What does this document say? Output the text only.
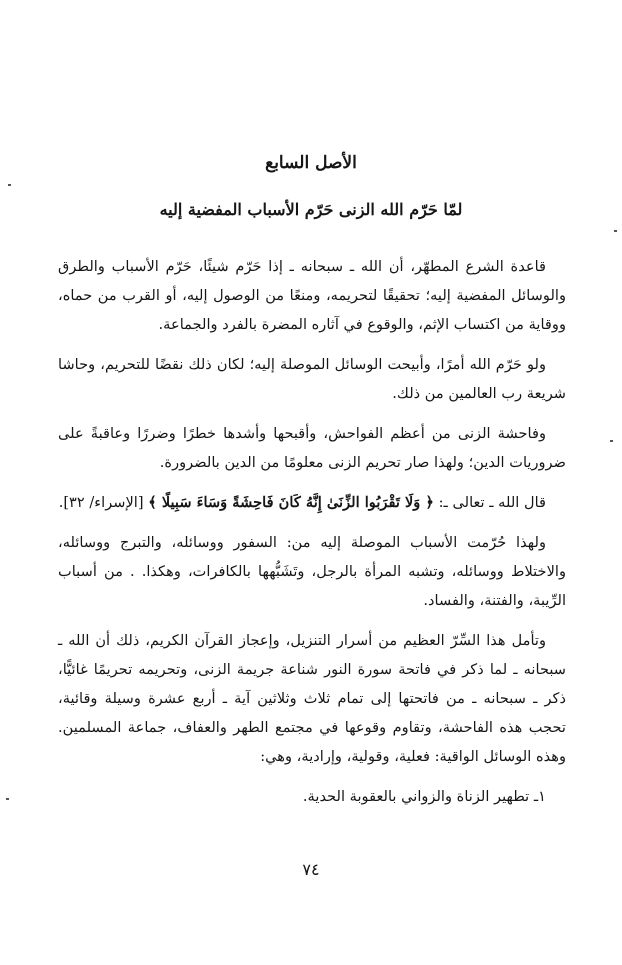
الأصل السابع
لمّا حَرّم الله الزنى حَرّم الأسباب المفضية إليه

قاعدة الشرع المطهّر، أن الله ـ سبحانه ـ إذا حَرّم شيئًا، حَرّم الأسباب والطرق والوسائل المفضية إليه؛ تحقيقًا لتحريمه، ومنعًا من الوصول إليه، أو القرب من حماه، ووقاية من اكتساب الإثم، والوقوع في آثاره المضرة بالفرد والجماعة.

ولو حَرّم الله أمرًا، وأبيحت الوسائل الموصلة إليه؛ لكان ذلك نقضًا للتحريم، وحاشا شريعة رب العالمين من ذلك.

وفاحشة الزنى من أعظم الفواحش، وأقبحها وأشدها خطرًا وضررًا وعاقبةً على ضروريات الدين؛ ولهذا صار تحريم الزنى معلومًا من الدين بالضرورة.

قال الله ـ تعالى ـ: ﴿ وَلَا تَقْرَبُوا الزِّنَىٰ إِنَّهُ كَانَ فَاحِشَةً وَسَاءَ سَبِيلًا ﴾ [الإسراء/ ٣٢].

ولهذا حُرّمت الأسباب الموصلة إليه من: السفور ووسائله، والتبرج ووسائله، والاختلاط ووسائله، وتشبه المرأة بالرجل، وتَشَبُّهها بالكافرات، وهكذا. . من أسباب الرِّيبة، والفتنة، والفساد.

وتأمل هذا السِّرّ العظيم من أسرار التنزيل، وإعجاز القرآن الكريم، ذلك أن الله ـ سبحانه ـ لما ذكر في فاتحة سورة النور شناعة جريمة الزنى، وتحريمه تحريمًا غائيًّا، ذكر ـ سبحانه ـ من فاتحتها إلى تمام ثلاث وثلاثين آية ـ أربع عشرة وسيلة وقائية، تحجب هذه الفاحشة، وتقاوم وقوعها في مجتمع الطهر والعفاف، جماعة المسلمين. وهذه الوسائل الواقية: فعلية، وقولية، وإرادية، وهي:

١ـ تطهير الزناة والزواني بالعقوبة الحدية.

٧٤
